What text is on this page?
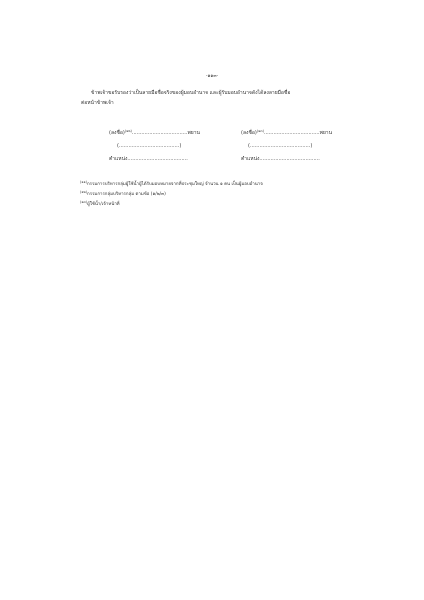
-๑๑๓-
ข้าพเจ้าขอรับรองว่าเป็นลายมือชื่อจริงของผู้มอบอำนาจ และผู้รับมอบอำนาจดังได้ลงลายมือชื่อ
ต่อหน้าข้าพเจ้า
(ลงชื่อ)$^{(๑๒)}$...................................พยาน
(......................................)
ตำแหน่ง......................................
(ลงชื่อ)$^{(๑๓)}$...................................พยาน
(......................................)
ตำแหน่ง......................................
$^{(๑๑)}$กรรมการบริหารกลุ่มผู้ใช้น้ำผู้ได้รับมอบหมายจากที่ประชุมใหญ่ จำนวน ๑ คน เป็นผู้มอบอำนาจ
$^{(๑๒)}$กรรมการกลุ่มบริหารกลุ่ม ตามข้อ (๑/๒/๓)
$^{(๑๓)}$ผู้ใช้น้ำ/เจ้าหน้าที่
